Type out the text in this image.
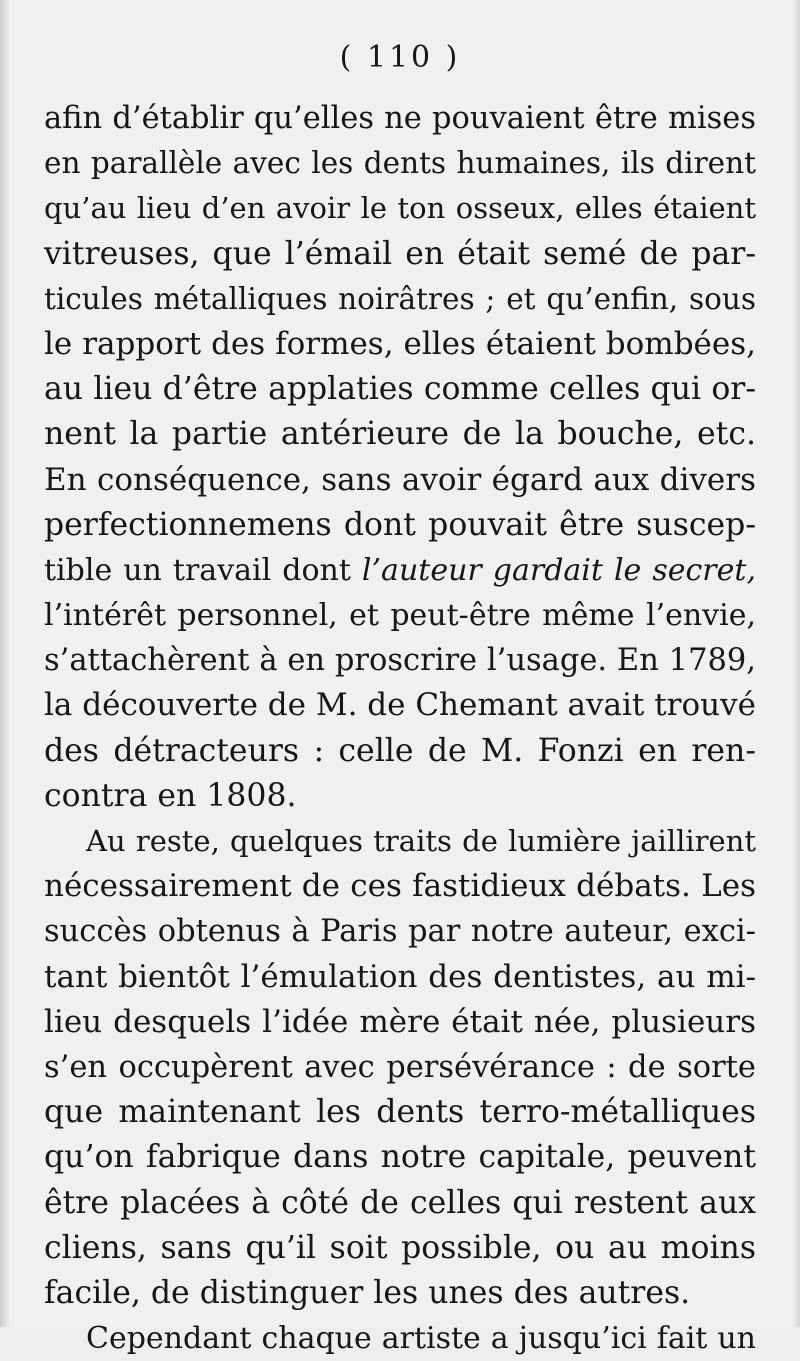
( 110 )
afin d’établir qu’elles ne pouvaient être mises
en parallèle avec les dents humaines, ils dirent
qu’au lieu d’en avoir le ton osseux, elles étaient
vitreuses, que l’émail en était semé de par-
ticules métalliques noirâtres ; et qu’enfin, sous
le rapport des formes, elles étaient bombées,
au lieu d’être applaties comme celles qui or-
nent la partie antérieure de la bouche, etc.
En conséquence, sans avoir égard aux divers
perfectionnemens dont pouvait être suscep-
tible un travail dont l’auteur gardait le secret,
l’intérêt personnel, et peut-être même l’envie,
s’attachèrent à en proscrire l’usage. En 1789,
la découverte de M. de Chemant avait trouvé
des détracteurs : celle de M. Fonzi en ren-
contra en 1808.
Au reste, quelques traits de lumière jaillirent
nécessairement de ces fastidieux débats. Les
succès obtenus à Paris par notre auteur, exci-
tant bientôt l’émulation des dentistes, au mi-
lieu desquels l’idée mère était née, plusieurs
s’en occupèrent avec persévérance : de sorte
que maintenant les dents terro-métalliques
qu’on fabrique dans notre capitale, peuvent
être placées à côté de celles qui restent aux
cliens, sans qu’il soit possible, ou au moins
facile, de distinguer les unes des autres.
Cependant chaque artiste a jusqu’ici fait un
